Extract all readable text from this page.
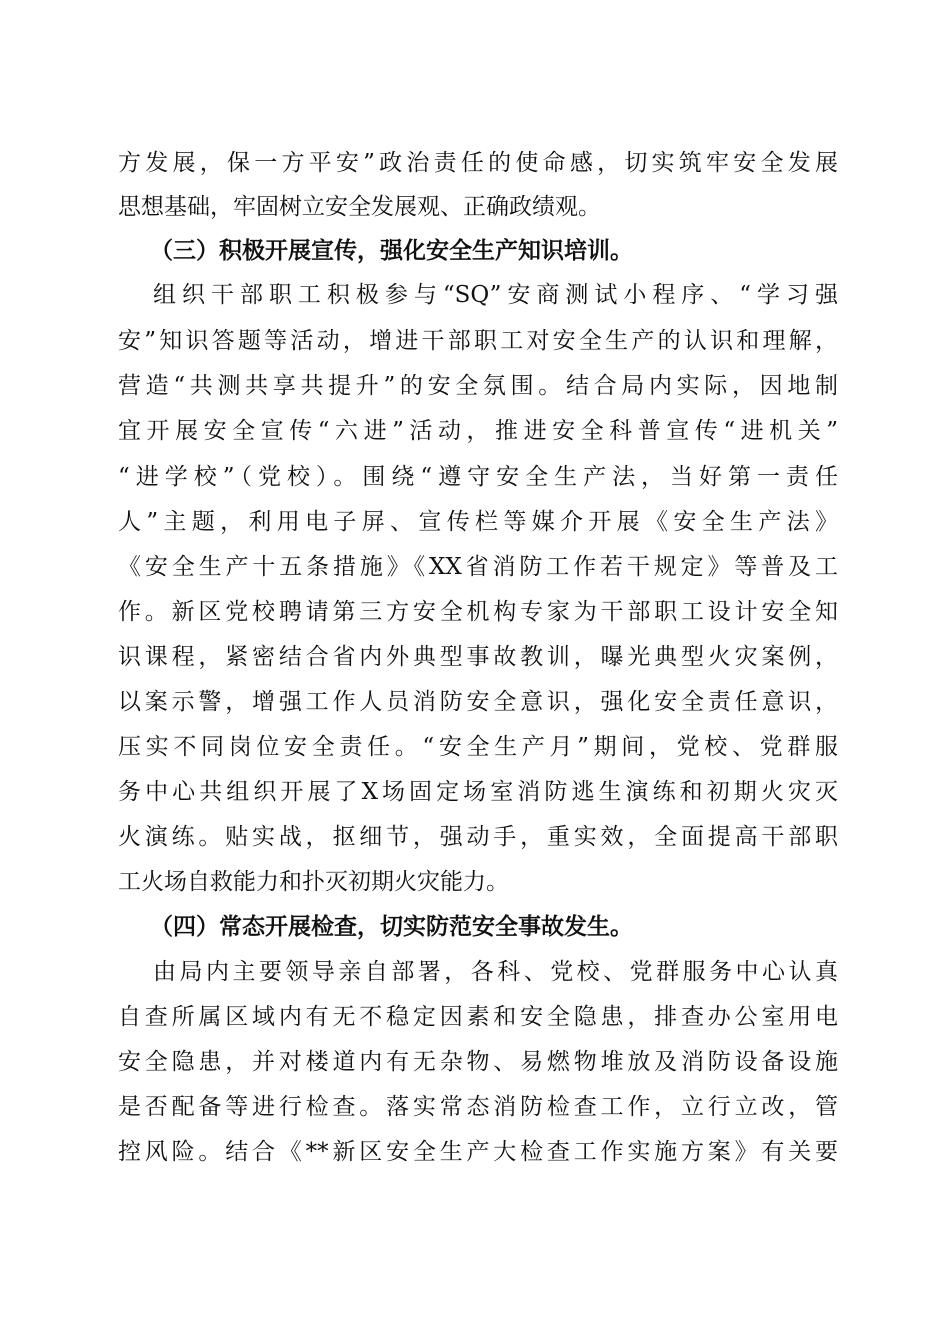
方发展，保一方平安”政治责任的使命感，切实筑牢安全发展
思想基础，牢固树立安全发展观、正确政绩观。
（三）积极开展宣传，强化安全生产知识培训。
组织干部职工积极参与“SQ”安商测试小程序、“学习强
安”知识答题等活动，增进干部职工对安全生产的认识和理解，
营造“共测共享共提升”的安全氛围。结合局内实际，因地制
宜开展安全宣传“六进”活动，推进安全科普宣传“进机关”
“进学校”（党校）。围绕“遵守安全生产法，当好第一责任
人”主题，利用电子屏、宣传栏等媒介开展《安全生产法》
《安全生产十五条措施》《XX省消防工作若干规定》等普及工
作。新区党校聘请第三方安全机构专家为干部职工设计安全知
识课程，紧密结合省内外典型事故教训，曝光典型火灾案例，
以案示警，增强工作人员消防安全意识，强化安全责任意识，
压实不同岗位安全责任。“安全生产月”期间，党校、党群服
务中心共组织开展了X场固定场室消防逃生演练和初期火灾灭
火演练。贴实战，抠细节，强动手，重实效，全面提高干部职
工火场自救能力和扑灭初期火灾能力。
（四）常态开展检查，切实防范安全事故发生。
由局内主要领导亲自部署，各科、党校、党群服务中心认真
自查所属区域内有无不稳定因素和安全隐患，排查办公室用电
安全隐患，并对楼道内有无杂物、易燃物堆放及消防设备设施
是否配备等进行检查。落实常态消防检查工作，立行立改，管
控风险。结合《**新区安全生产大检查工作实施方案》有关要
